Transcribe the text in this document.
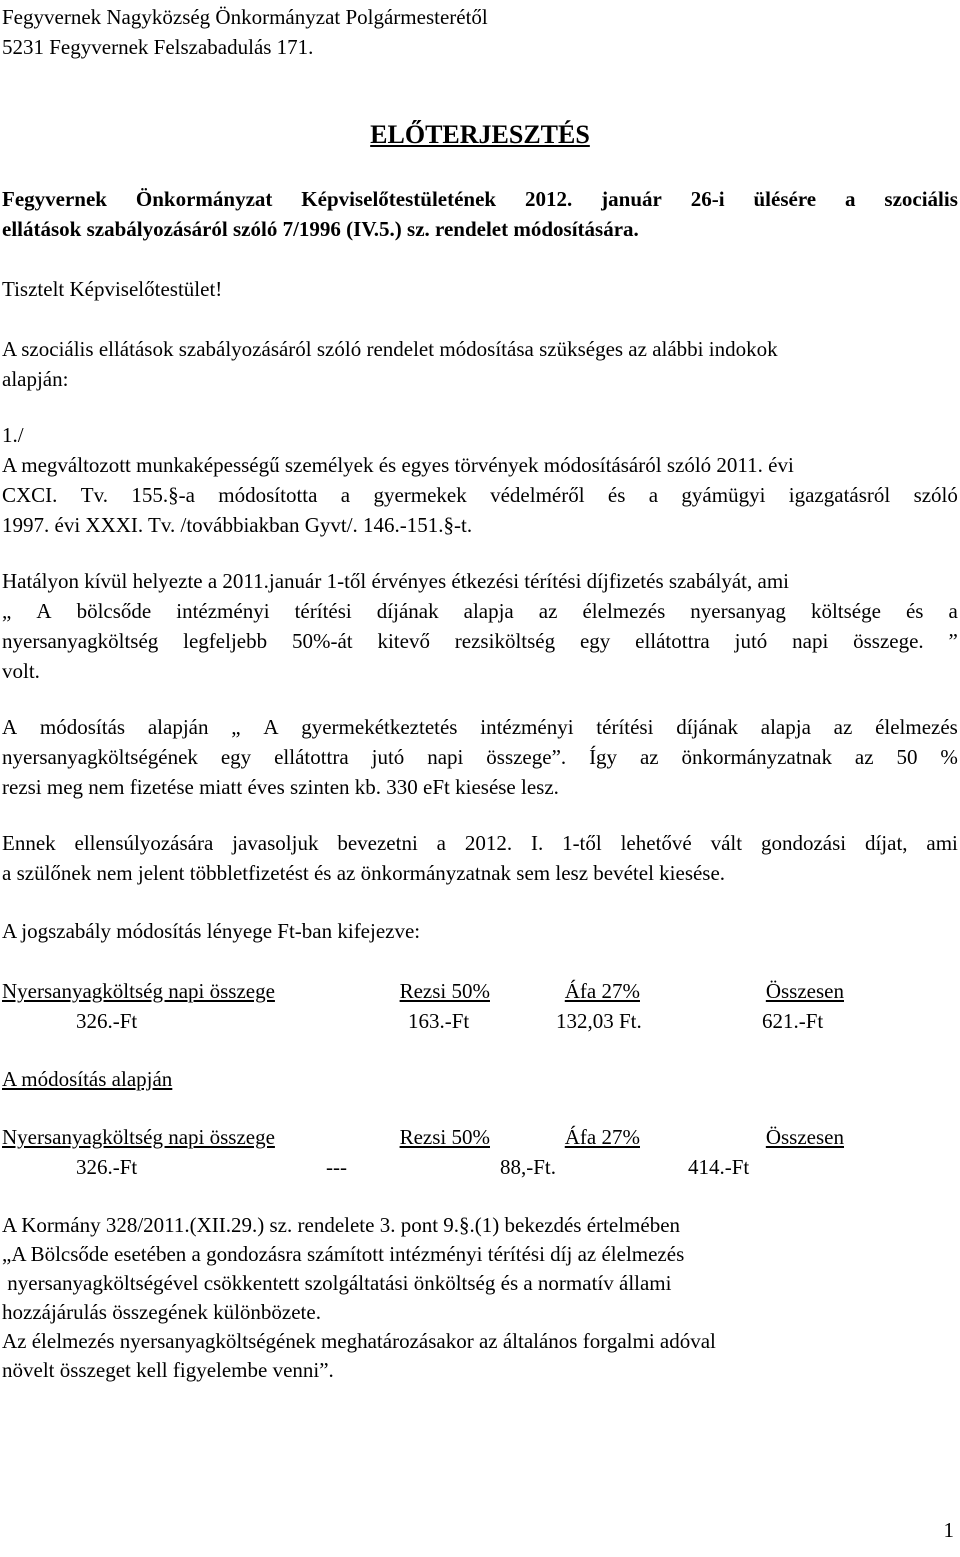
Fegyvernek Nagyközség Önkormányzat Polgármesterétől
5231 Fegyvernek Felszabadulás 171.
ELŐTERJESZTÉS
Fegyvernek Önkormányzat Képviselőtestületének 2012. január 26-i ülésére a szociális
ellátások szabályozásáról szóló 7/1996 (IV.5.) sz. rendelet módosítására.
Tisztelt Képviselőtestület!
A szociális ellátások szabályozásáról szóló rendelet módosítása szükséges az alábbi indokok
alapján:
1./
A megváltozott munkaképességű személyek és egyes törvények módosításáról szóló 2011. évi
CXCI. Tv. 155.§-a módosította a gyermekek védelméről és a gyámügyi igazgatásról szóló
1997. évi XXXI. Tv. /továbbiakban Gyvt/. 146.-151.§-t.
Hatályon kívül helyezte a 2011.január 1-től érvényes étkezési térítési díjfizetés szabályát, ami
„ A bölcsőde intézményi térítési díjának alapja az élelmezés nyersanyag költsége és a
nyersanyagköltség legfeljebb 50%-át kitevő rezsiköltség egy ellátottra jutó napi összege. ”
volt.
A módosítás alapján „ A gyermekétkeztetés intézményi térítési díjának alapja az élelmezés
nyersanyagköltségének egy ellátottra jutó napi összege”. Így az önkormányzatnak az 50 %
rezsi meg nem fizetése miatt éves szinten kb. 330 eFt kiesése lesz.
Ennek ellensúlyozására javasoljuk bevezetni a 2012. I. 1-től lehetővé vált gondozási díjat, ami
a szülőnek nem jelent többletfizetést és az önkormányzatnak sem lesz bevétel kiesése.
A jogszabály módosítás lényege Ft-ban kifejezve:
Nyersanyagköltség napi összege	Rezsi 50%	Áfa 27%	Összesen
326.-Ft	163.-Ft	132,03 Ft.	621.-Ft
A módosítás alapján
Nyersanyagköltség napi összege	Rezsi 50%	Áfa 27%	Összesen
326.-Ft	---	88,-Ft.	414.-Ft
A Kormány 328/2011.(XII.29.) sz. rendelete 3. pont 9.§.(1) bekezdés értelmében
„A Bölcsőde esetében a gondozásra számított intézményi térítési díj az élelmezés
nyersanyagköltségével csökkentett szolgáltatási önköltség és a normatív állami
hozzájárulás összegének különbözete.
Az élelmezés nyersanyagköltségének meghatározásakor az általános forgalmi adóval
növelt összeget kell figyelembe venni”.
1
